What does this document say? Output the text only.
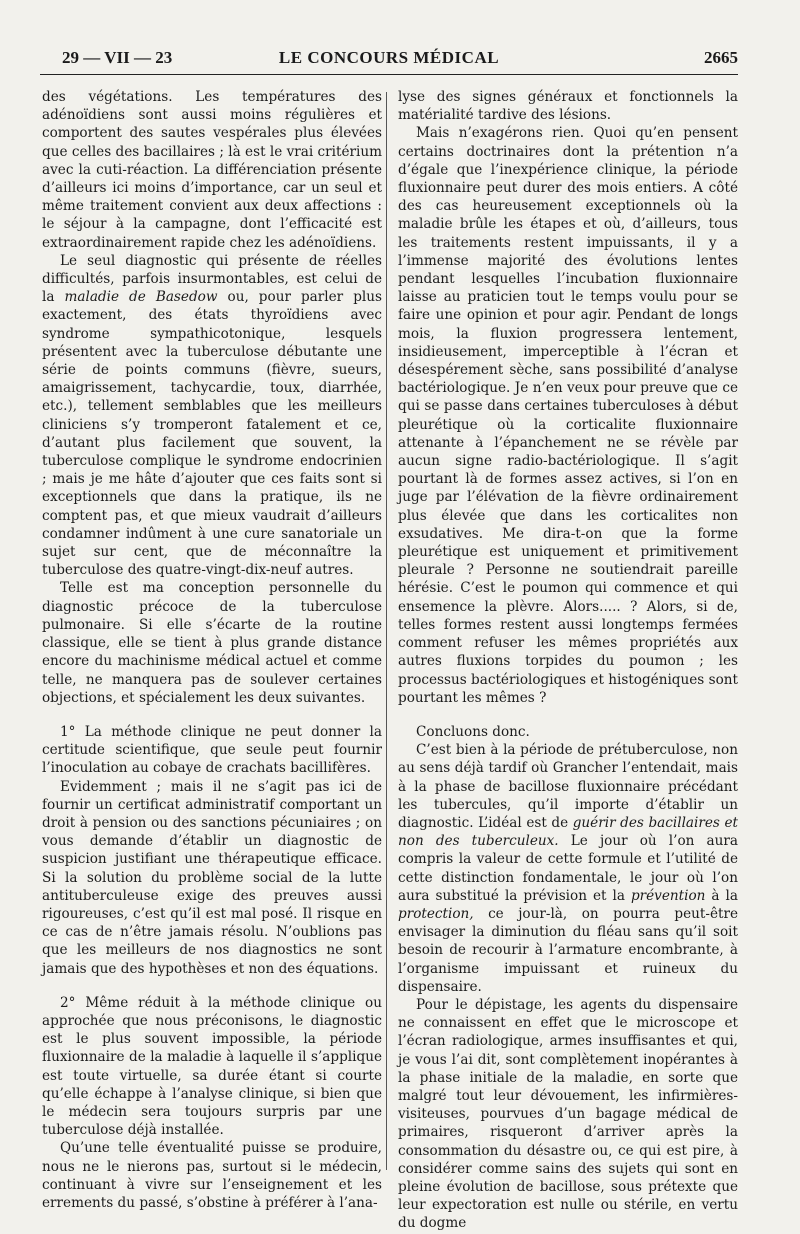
29 — VII — 23	LE CONCOURS MÉDICAL	2665

des végétations. Les températures des adénoïdiens sont aussi moins régulières et comportent des sautes vespérales plus élevées que celles des bacillaires ; là est le vrai critérium avec la cuti-réaction. La différenciation présente d’ailleurs ici moins d’importance, car un seul et même traitement convient aux deux affections : le séjour à la campagne, dont l’efficacité est extraordinairement rapide chez les adénoïdiens.

Le seul diagnostic qui présente de réelles difficultés, parfois insurmontables, est celui de la maladie de Basedow ou, pour parler plus exactement, des états thyroïdiens avec syndrome sympathicotonique, lesquels présentent avec la tuberculose débutante une série de points communs (fièvre, sueurs, amaigrissement, tachycardie, toux, diarrhée, etc.), tellement semblables que les meilleurs cliniciens s’y tromperont fatalement et ce, d’autant plus facilement que souvent, la tuberculose complique le syndrome endocrinien ; mais je me hâte d’ajouter que ces faits sont si exceptionnels que dans la pratique, ils ne comptent pas, et que mieux vaudrait d’ailleurs condamner indûment à une cure sanatoriale un sujet sur cent, que de méconnaître la tuberculose des quatre-vingt-dix-neuf autres.

Telle est ma conception personnelle du diagnostic précoce de la tuberculose pulmonaire. Si elle s’écarte de la routine classique, elle se tient à plus grande distance encore du machinisme médical actuel et comme telle, ne manquera pas de soulever certaines objections, et spécialement les deux suivantes.

1° La méthode clinique ne peut donner la certitude scientifique, que seule peut fournir l’inoculation au cobaye de crachats bacillifères.

Evidemment ; mais il ne s’agit pas ici de fournir un certificat administratif comportant un droit à pension ou des sanctions pécuniaires ; on vous demande d’établir un diagnostic de suspicion justifiant une thérapeutique efficace. Si la solution du problème social de la lutte antituberculeuse exige des preuves aussi rigoureuses, c’est qu’il est mal posé. Il risque en ce cas de n’être jamais résolu. N’oublions pas que les meilleurs de nos diagnostics ne sont jamais que des hypothèses et non des équations.

2° Même réduit à la méthode clinique ou approchée que nous préconisons, le diagnostic est le plus souvent impossible, la période fluxionnaire de la maladie à laquelle il s’applique est toute virtuelle, sa durée étant si courte qu’elle échappe à l’analyse clinique, si bien que le médecin sera toujours surpris par une tuberculose déjà installée.

Qu’une telle éventualité puisse se produire, nous ne le nierons pas, surtout si le médecin, continuant à vivre sur l’enseignement et les errements du passé, s’obstine à préférer à l’ana-

lyse des signes généraux et fonctionnels la matérialité tardive des lésions.

Mais n’exagérons rien. Quoi qu’en pensent certains doctrinaires dont la prétention n’a d’égale que l’inexpérience clinique, la période fluxionnaire peut durer des mois entiers. A côté des cas heureusement exceptionnels où la maladie brûle les étapes et où, d’ailleurs, tous les traitements restent impuissants, il y a l’immense majorité des évolutions lentes pendant lesquelles l’incubation fluxionnaire laisse au praticien tout le temps voulu pour se faire une opinion et pour agir. Pendant de longs mois, la fluxion progressera lentement, insidieusement, imperceptible à l’écran et désespérement sèche, sans possibilité d’analyse bactériologique. Je n’en veux pour preuve que ce qui se passe dans certaines tuberculoses à début pleurétique où la corticalite fluxionnaire attenante à l’épanchement ne se révèle par aucun signe radio-bactériologique. Il s’agit pourtant là de formes assez actives, si l’on en juge par l’élévation de la fièvre ordinairement plus élevée que dans les corticalites non exsudatives. Me dira-t-on que la forme pleurétique est uniquement et primitivement pleurale ? Personne ne soutiendrait pareille hérésie. C’est le poumon qui commence et qui ensemence la plèvre. Alors..... ? Alors, si de, telles formes restent aussi longtemps fermées comment refuser les mêmes propriétés aux autres fluxions torpides du poumon ; les processus bactériologiques et histogéniques sont pourtant les mêmes ?

Concluons donc.

C’est bien à la période de prétuberculose, non au sens déjà tardif où Grancher l’entendait, mais à la phase de bacillose fluxionnaire précédant les tubercules, qu’il importe d’établir un diagnostic. L’idéal est de guérir des bacillaires et non des tuberculeux. Le jour où l’on aura compris la valeur de cette formule et l’utilité de cette distinction fondamentale, le jour où l’on aura substitué la prévision et la prévention à la protection, ce jour-là, on pourra peut-être envisager la diminution du fléau sans qu’il soit besoin de recourir à l’armature encombrante, à l’organisme impuissant et ruineux du dispensaire.

Pour le dépistage, les agents du dispensaire ne connaissent en effet que le microscope et l’écran radiologique, armes insuffisantes et qui, je vous l’ai dit, sont complètement inopérantes à la phase initiale de la maladie, en sorte que malgré tout leur dévouement, les infirmières-visiteuses, pourvues d’un bagage médical de primaires, risqueront d’arriver après la consommation du désastre ou, ce qui est pire, à considérer comme sains des sujets qui sont en pleine évolution de bacillose, sous prétexte que leur expectoration est nulle ou stérile, en vertu du dogme
